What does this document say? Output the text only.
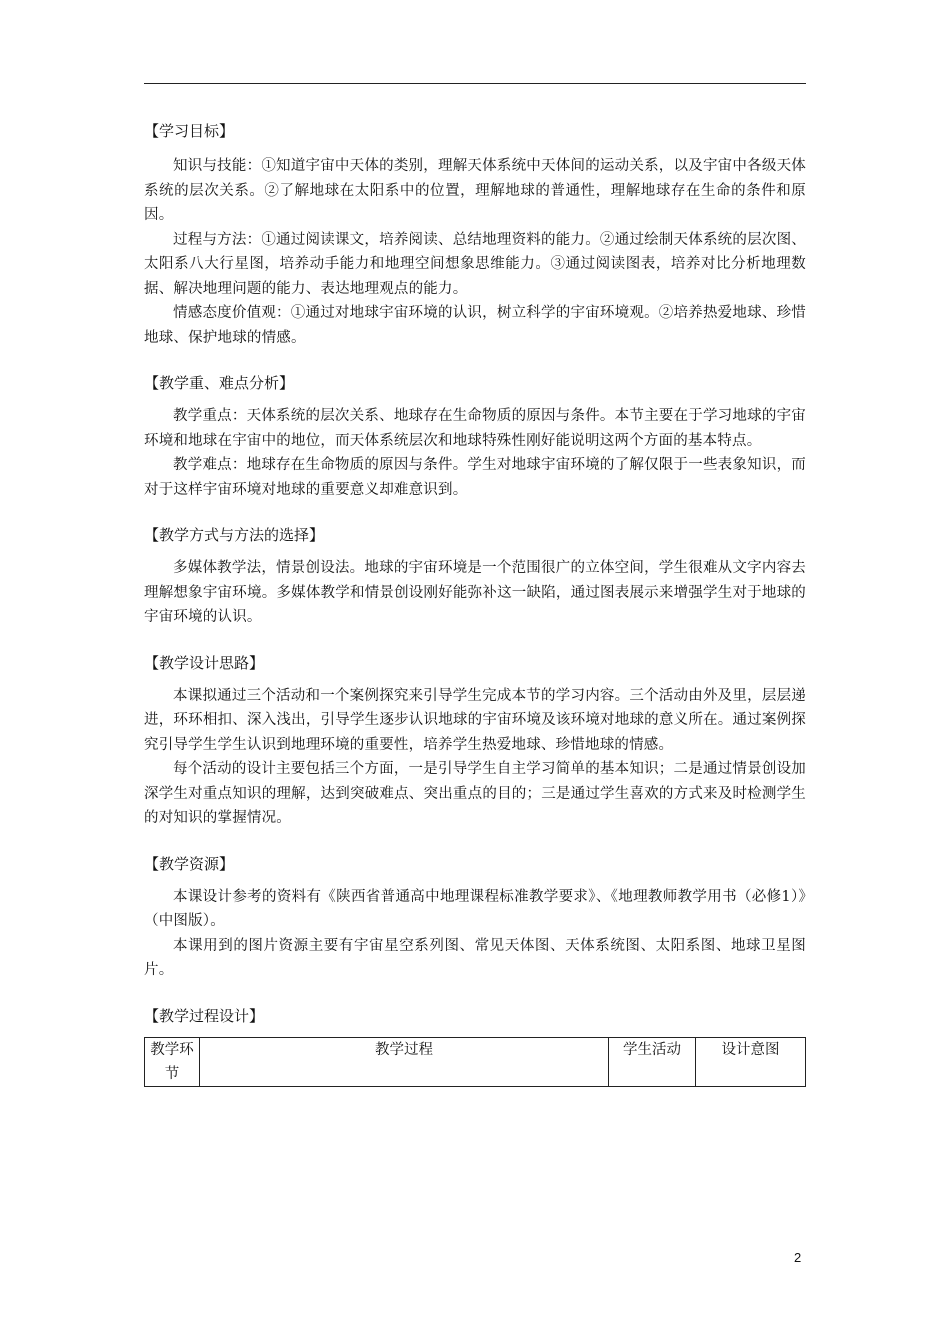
【学习目标】

知识与技能：①知道宇宙中天体的类别，理解天体系统中天体间的运动关系，以及宇宙中各级天体系统的层次关系。②了解地球在太阳系中的位置，理解地球的普通性，理解地球存在生命的条件和原因。

过程与方法：①通过阅读课文，培养阅读、总结地理资料的能力。②通过绘制天体系统的层次图、太阳系八大行星图，培养动手能力和地理空间想象思维能力。③通过阅读图表，培养对比分析地理数据、解决地理问题的能力、表达地理观点的能力。

情感态度价值观：①通过对地球宇宙环境的认识，树立科学的宇宙环境观。②培养热爱地球、珍惜地球、保护地球的情感。

【教学重、难点分析】

教学重点：天体系统的层次关系、地球存在生命物质的原因与条件。本节主要在于学习地球的宇宙环境和地球在宇宙中的地位，而天体系统层次和地球特殊性刚好能说明这两个方面的基本特点。

教学难点：地球存在生命物质的原因与条件。学生对地球宇宙环境的了解仅限于一些表象知识，而对于这样宇宙环境对地球的重要意义却难意识到。

【教学方式与方法的选择】

多媒体教学法，情景创设法。地球的宇宙环境是一个范围很广的立体空间，学生很难从文字内容去理解想象宇宙环境。多媒体教学和情景创设刚好能弥补这一缺陷，通过图表展示来增强学生对于地球的宇宙环境的认识。

【教学设计思路】

本课拟通过三个活动和一个案例探究来引导学生完成本节的学习内容。三个活动由外及里，层层递进，环环相扣、深入浅出，引导学生逐步认识地球的宇宙环境及该环境对地球的意义所在。通过案例探究引导学生学生认识到地理环境的重要性，培养学生热爱地球、珍惜地球的情感。

每个活动的设计主要包括三个方面，一是引导学生自主学习简单的基本知识；二是通过情景创设加深学生对重点知识的理解，达到突破难点、突出重点的目的；三是通过学生喜欢的方式来及时检测学生的对知识的掌握情况。

【教学资源】

本课设计参考的资料有《陕西省普通高中地理课程标准教学要求》、《地理教师教学用书（必修1）》（中图版）。

本课用到的图片资源主要有宇宙星空系列图、常见天体图、天体系统图、太阳系图、地球卫星图片。

【教学过程设计】
教学环节	教学过程	学生活动	设计意图
2
